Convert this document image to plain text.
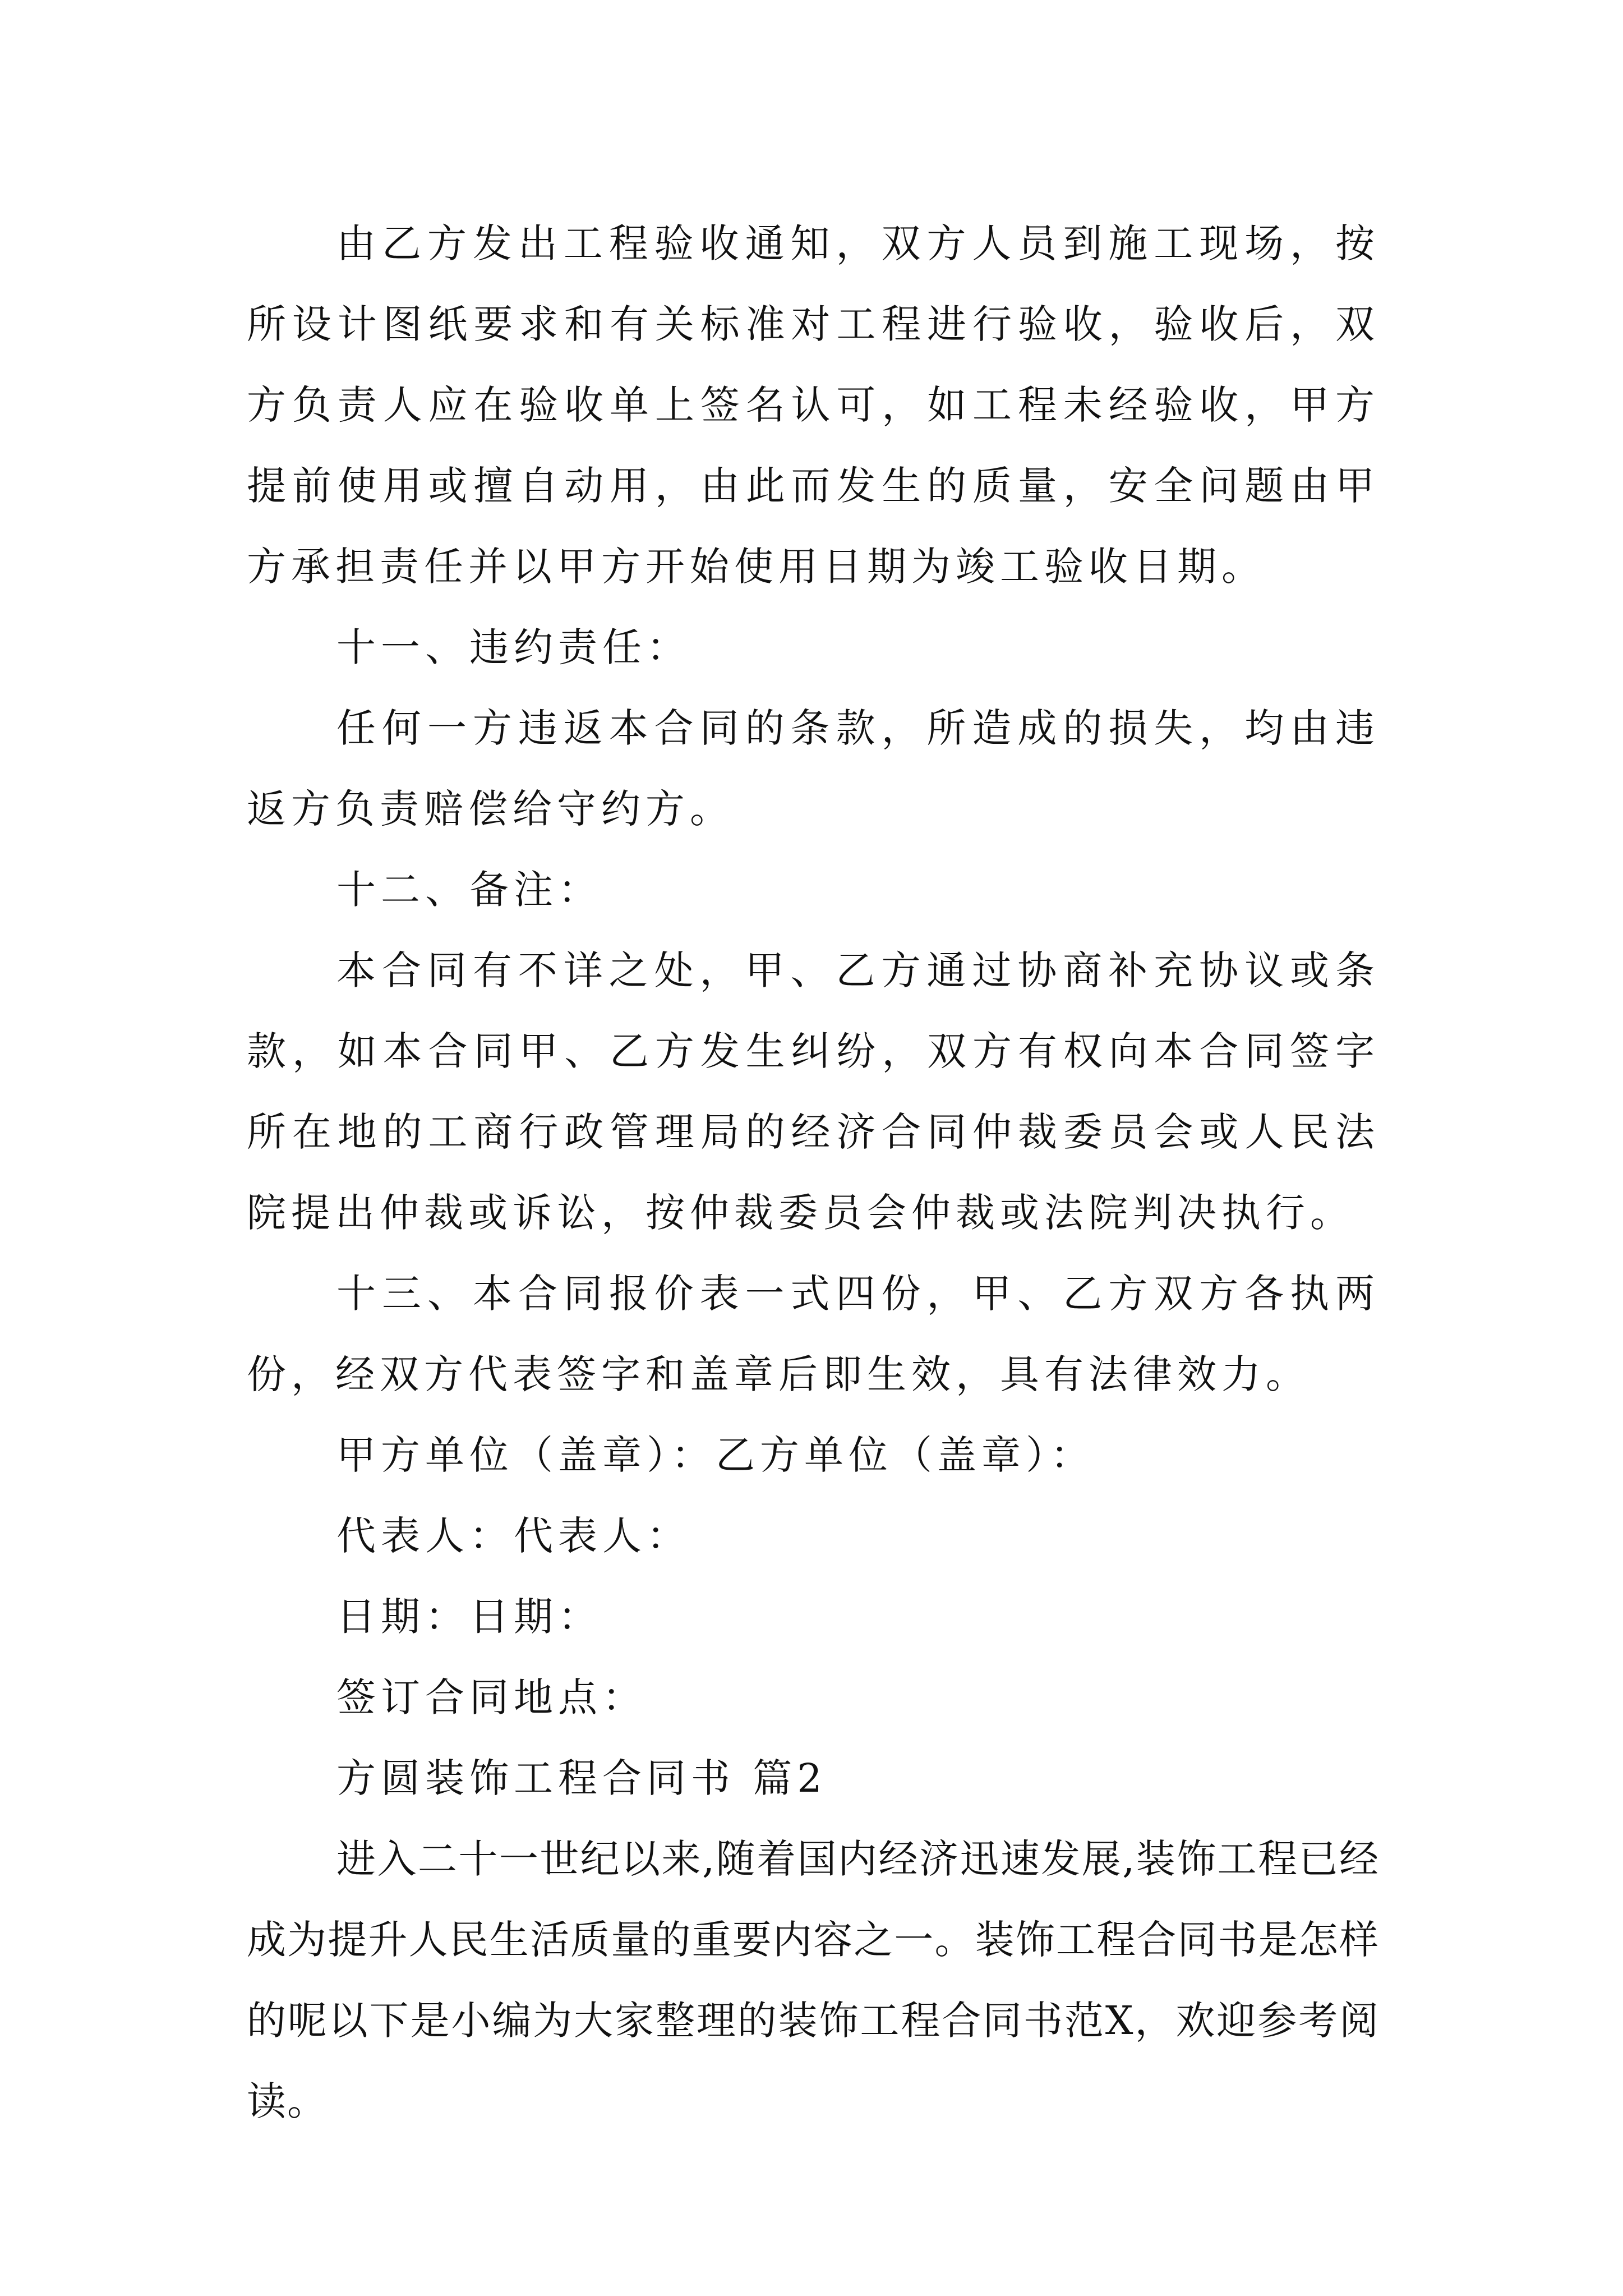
由乙方发出工程验收通知，双方人员到施工现场，按所设计图纸要求和有关标准对工程进行验收，验收后，双方负责人应在验收单上签名认可，如工程未经验收，甲方提前使用或擅自动用，由此而发生的质量，安全问题由甲方承担责任并以甲方开始使用日期为竣工验收日期。

十一、违约责任：

任何一方违返本合同的条款，所造成的损失，均由违返方负责赔偿给守约方。

十二、备注：

本合同有不详之处，甲、乙方通过协商补充协议或条款，如本合同甲、乙方发生纠纷，双方有权向本合同签字所在地的工商行政管理局的经济合同仲裁委员会或人民法院提出仲裁或诉讼，按仲裁委员会仲裁或法院判决执行。

十三、本合同报价表一式四份，甲、乙方双方各执两份，经双方代表签字和盖章后即生效，具有法律效力。

甲方单位（盖章）：乙方单位（盖章）：

代表人：代表人：

日期：日期：

签订合同地点：

方圆装饰工程合同书 篇2

进入二十一世纪以来,随着国内经济迅速发展,装饰工程已经成为提升人民生活质量的重要内容之一。装饰工程合同书是怎样的呢以下是小编为大家整理的装饰工程合同书范X，欢迎参考阅读。
